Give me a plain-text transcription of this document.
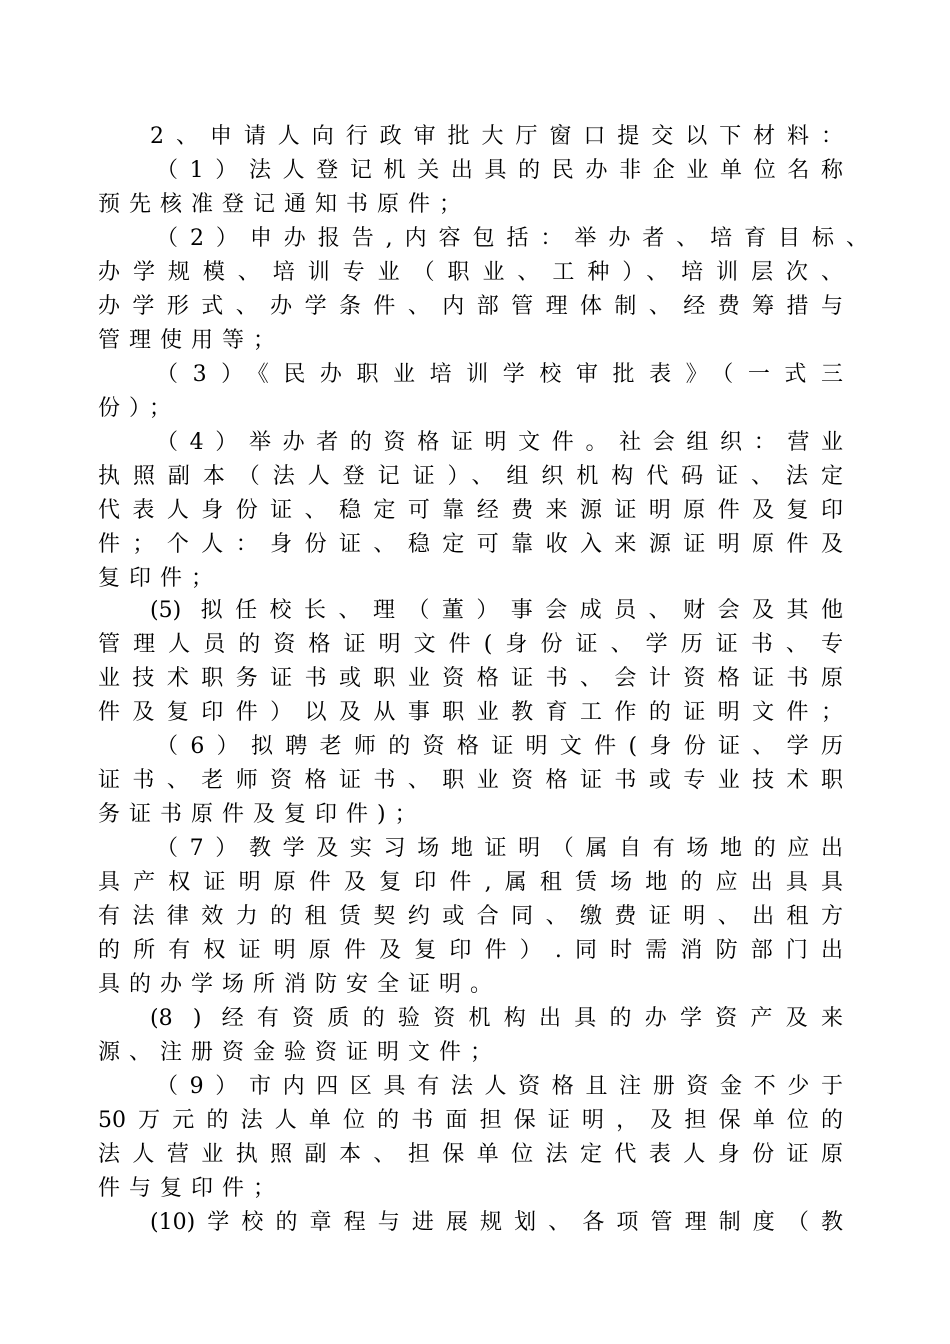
2、申请人向行政审批大厅窗口提交以下材料：
（1）法人登记机关出具的民办非企业单位名称
预先核准登记通知书原件；
（2）申办报告,内容包括：举办者、培育目标、
办学规模、培训专业（职业、工种）、培训层次、
办学形式、办学条件、内部管理体制、经费筹措与
管理使用等；
（3）《民办职业培训学校审批表》（一式三
份）；
（4）举办者的资格证明文件。社会组织：营业
执照副本（法人登记证）、组织机构代码证、法定
代表人身份证、稳定可靠经费来源证明原件及复印
件；个人：身份证、稳定可靠收入来源证明原件及
复印件；
(5) 拟任校长、理（董）事会成员、财会及其他
管理人员的资格证明文件(身份证、学历证书、专
业技术职务证书或职业资格证书、会计资格证书原
件及复印件）以及从事职业教育工作的证明文件；
（6）拟聘老师的资格证明文件(身份证、学历
证书、老师资格证书、职业资格证书或专业技术职
务证书原件及复印件)；
（7）教学及实习场地证明（属自有场地的应出
具产权证明原件及复印件,属租赁场地的应出具具
有法律效力的租赁契约或合同、缴费证明、出租方
的所有权证明原件及复印件）.同时需消防部门出
具的办学场所消防安全证明。
(8 ) 经有资质的验资机构出具的办学资产及来
源、注册资金验资证明文件；
（9）市内四区具有法人资格且注册资金不少于
50万元的法人单位的书面担保证明，及担保单位的
法人营业执照副本、担保单位法定代表人身份证原
件与复印件；
(10)学校的章程与进展规划、各项管理制度（教
